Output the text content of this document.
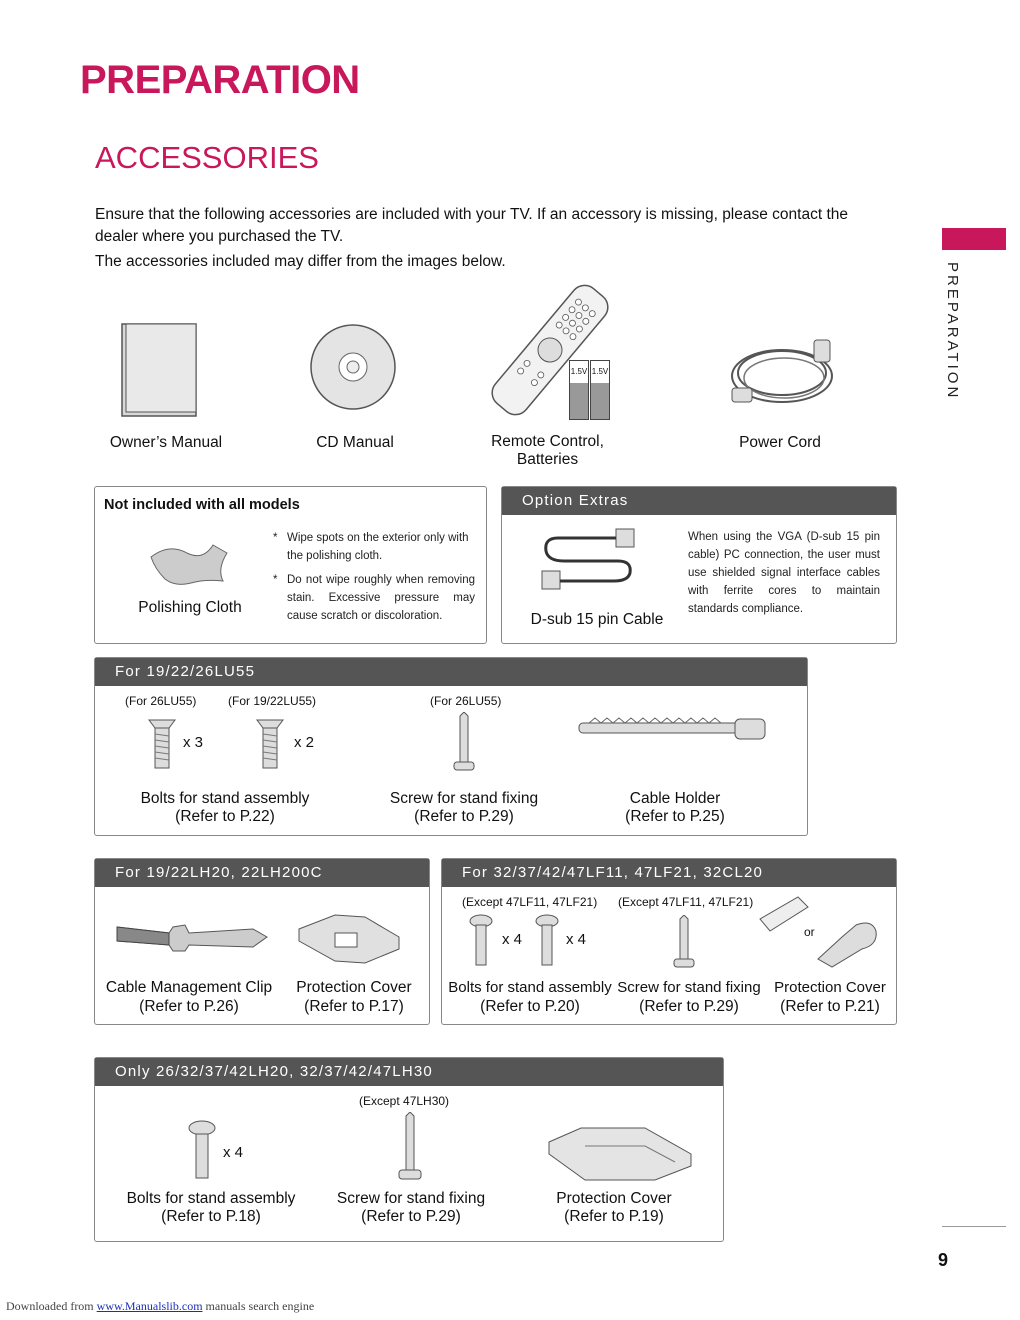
PREPARATION
ACCESSORIES
Ensure that the following accessories are included with your TV. If an accessory is missing, please contact the dealer where you purchased the TV.
The accessories included may differ from the images below.
PREPARATION
1.5V 1.5V
Owner’s Manual	CD Manual	Remote Control,
Batteries
Power Cord
Not included with all models
Polishing Cloth
* Wipe spots on the exterior only with the polishing cloth.
* Do not wipe roughly when removing stain. Excessive pressure may cause scratch or discoloration.
Option Extras
D-sub 15 pin Cable
When using the VGA (D-sub 15 pin cable) PC connection, the user must use shielded signal interface cables with ferrite cores to maintain standards compliance.
For 19/22/26LU55
(For 26LU55)	(For 19/22LU55)	(For 26LU55)
x 3	x 2
Bolts for stand assembly
(Refer to P.22)
Screw for stand fixing
(Refer to P.29)
Cable Holder
(Refer to P.25)
For 19/22LH20, 22LH200C
Cable Management Clip
(Refer to P.26)
Protection Cover
(Refer to P.17)
For 32/37/42/47LF11, 47LF21, 32CL20
(Except 47LF11, 47LF21) (Except 47LF11, 47LF21)
x 4	x 4	or
Bolts for stand assembly
(Refer to P.20)
Screw for stand fixing
(Refer to P.29)
Protection Cover
(Refer to P.21)
Only 26/32/37/42LH20, 32/37/42/47LH30
(Except 47LH30)
x 4
Bolts for stand assembly
(Refer to P.18)
Screw for stand fixing
(Refer to P.29)
Protection Cover
(Refer to P.19)
9
Downloaded from www.Manualslib.com manuals search engine
